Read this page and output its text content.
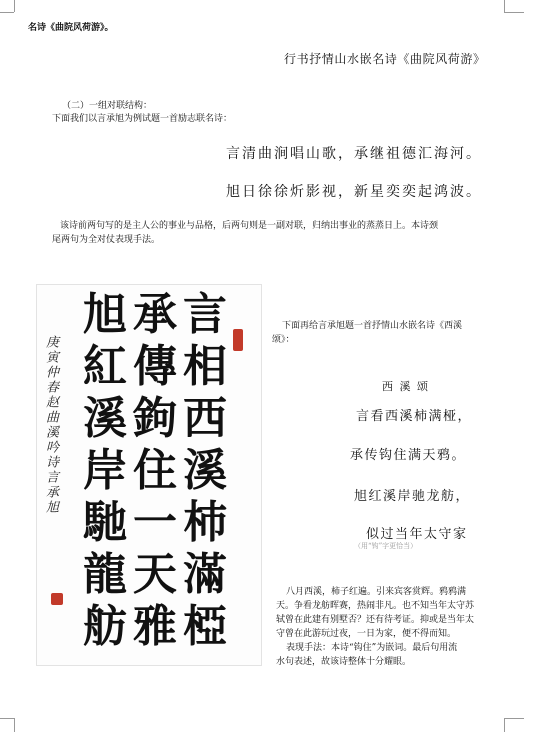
名诗《曲院风荷游》。
行书抒情山水嵌名诗《曲院风荷游》
（二）一组对联结构：
下面我们以言承旭为例试题一首励志联名诗：
言清曲涧唱山歌，承继祖德汇海河。
旭日徐徐炘影视，新星奕奕起鸿波。
该诗前两句写的是主人公的事业与品格，后两句则是一副对联，归纳出事业的蒸蒸日上。本诗颈
尾两句为全对仗表现手法。
言
承
旭
相
傳
紅
西
鉤
溪
溪
住
岸
杮
一
馳
滿
天
龍
椏
雅
舫
庚寅仲春赵曲溪吟诗言承旭
下面再给言承旭题一首抒情山水嵌名诗《西溪
颂》：
西 溪 颂
言看西溪柿满桠，
承传钩住满天鸦。
旭红溪岸驰龙舫，
似过当年太守家
（用“钩”字更恰当）
八月西溪，柿子红遍。引来宾客赏辉。鸦鸦满
天。争看龙舫晖赛，热闹非凡。也不知当年太守苏
轼曾在此建有别墅否？还有待考证。抑或是当年太
守曾在此游玩过夜，一日为家，便不得而知。
表现手法：本诗“钩住”为嵌词。最后句用流
水句表述，故该诗整体十分耀眼。
